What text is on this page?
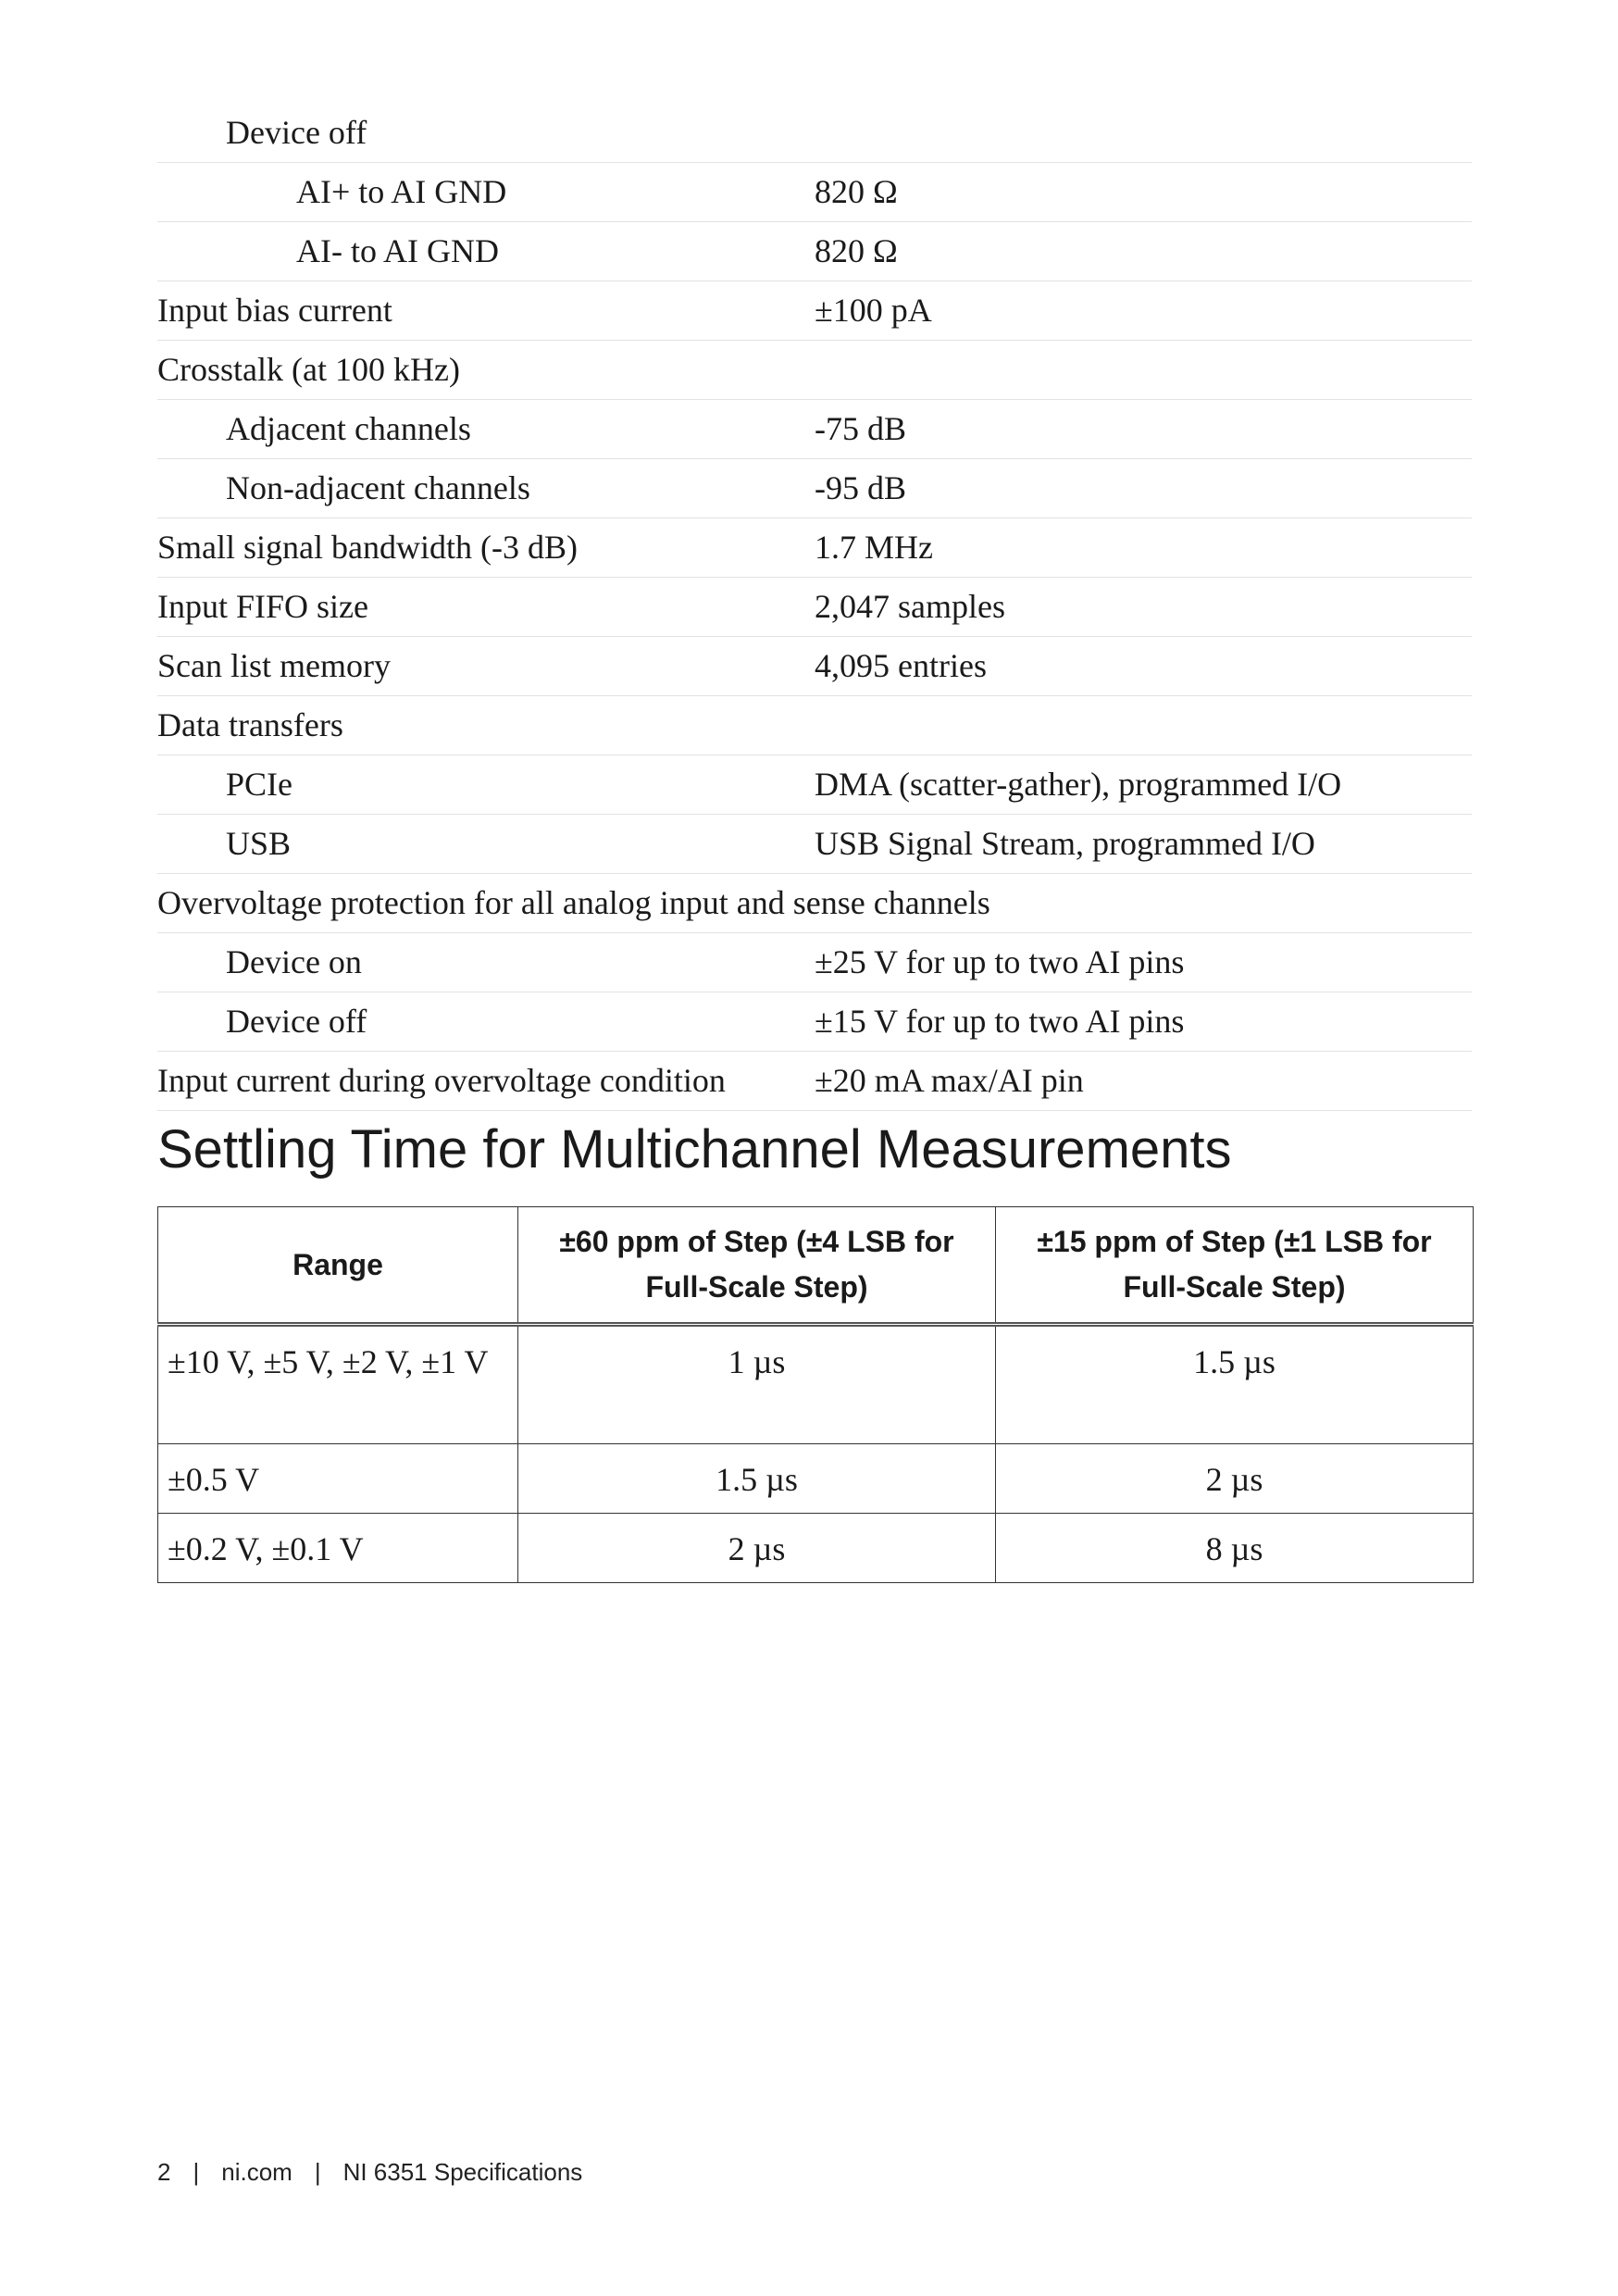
Device off
AI+ to AI GND	820 Ω
AI- to AI GND	820 Ω
Input bias current	±100 pA
Crosstalk (at 100 kHz)
Adjacent channels	-75 dB
Non-adjacent channels	-95 dB
Small signal bandwidth (-3 dB)	1.7 MHz
Input FIFO size	2,047 samples
Scan list memory	4,095 entries
Data transfers
PCIe	DMA (scatter-gather), programmed I/O
USB	USB Signal Stream, programmed I/O
Overvoltage protection for all analog input and sense channels
Device on	±25 V for up to two AI pins
Device off	±15 V for up to two AI pins
Input current during overvoltage condition	±20 mA max/AI pin
Settling Time for Multichannel Measurements
Range	±60 ppm of Step (±4 LSB for Full-Scale Step)	±15 ppm of Step (±1 LSB for Full-Scale Step)
±10 V, ±5 V, ±2 V, ±1 V	1 µs	1.5 µs
±0.5 V	1.5 µs	2 µs
±0.2 V, ±0.1 V	2 µs	8 µs
2 | ni.com | NI 6351 Specifications
